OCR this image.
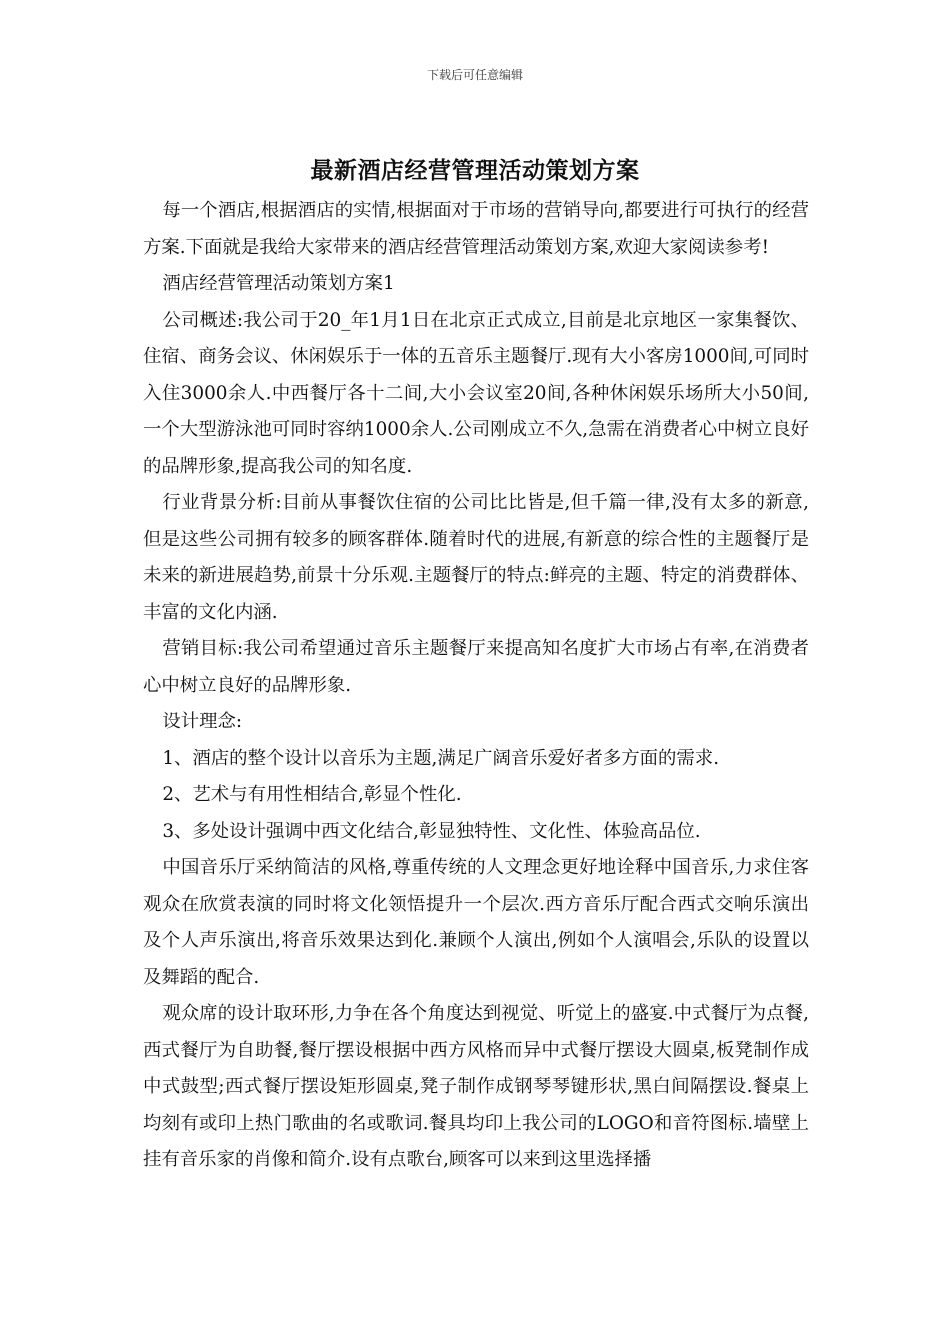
下载后可任意编辑
最新酒店经营管理活动策划方案

每一个酒店,根据酒店的实情,根据面对于市场的营销导向,都要进行可执行的经营方案.下面就是我给大家带来的酒店经营管理活动策划方案,欢迎大家阅读参考!

酒店经营管理活动策划方案1

公司概述:我公司于20_年1月1日在北京正式成立,目前是北京地区一家集餐饮、住宿、商务会议、休闲娱乐于一体的五音乐主题餐厅.现有大小客房1000间,可同时入住3000余人.中西餐厅各十二间,大小会议室20间,各种休闲娱乐场所大小50间,一个大型游泳池可同时容纳1000余人.公司刚成立不久,急需在消费者心中树立良好的品牌形象,提高我公司的知名度.

行业背景分析:目前从事餐饮住宿的公司比比皆是,但千篇一律,没有太多的新意,但是这些公司拥有较多的顾客群体.随着时代的进展,有新意的综合性的主题餐厅是未来的新进展趋势,前景十分乐观.主题餐厅的特点:鲜亮的主题、特定的消费群体、丰富的文化内涵.

营销目标:我公司希望通过音乐主题餐厅来提高知名度扩大市场占有率,在消费者心中树立良好的品牌形象.

设计理念:

1、酒店的整个设计以音乐为主题,满足广阔音乐爱好者多方面的需求.

2、艺术与有用性相结合,彰显个性化.

3、多处设计强调中西文化结合,彰显独特性、文化性、体验高品位.

中国音乐厅采纳简洁的风格,尊重传统的人文理念更好地诠释中国音乐,力求住客观众在欣赏表演的同时将文化领悟提升一个层次.西方音乐厅配合西式交响乐演出及个人声乐演出,将音乐效果达到化.兼顾个人演出,例如个人演唱会,乐队的设置以及舞蹈的配合.

观众席的设计取环形,力争在各个角度达到视觉、听觉上的盛宴.中式餐厅为点餐,西式餐厅为自助餐,餐厅摆设根据中西方风格而异中式餐厅摆设大圆桌,板凳制作成中式鼓型;西式餐厅摆设矩形圆桌,凳子制作成钢琴琴键形状,黑白间隔摆设.餐桌上均刻有或印上热门歌曲的名或歌词.餐具均印上我公司的LOGO和音符图标.墙壁上挂有音乐家的肖像和简介.设有点歌台,顾客可以来到这里选择播
